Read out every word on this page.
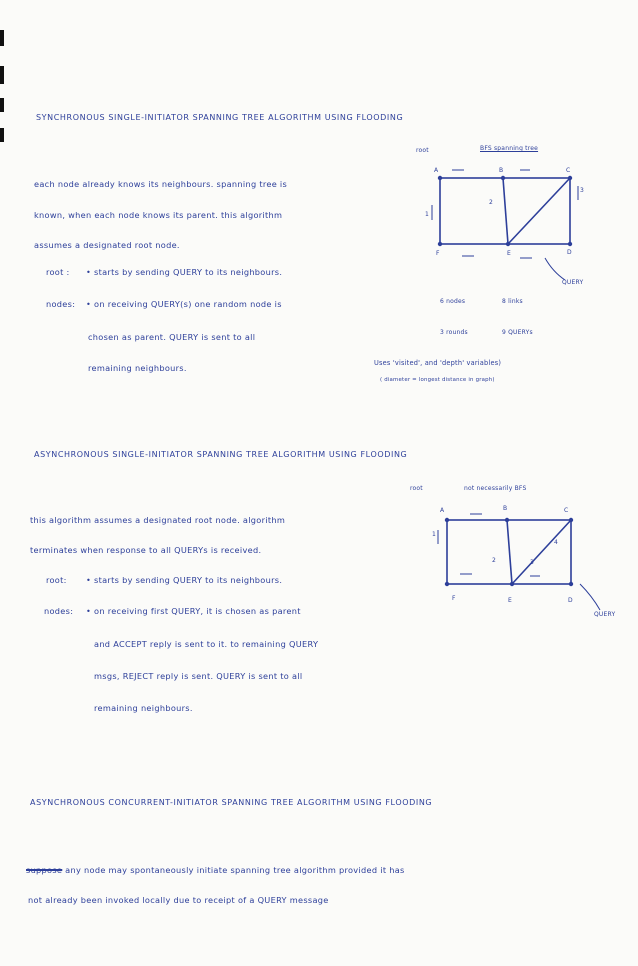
SYNCHRONOUS SINGLE-INITIATOR SPANNING TREE ALGORITHM USING FLOODING
each node already knows its neighbours. spanning tree is
known, when each node knows its parent. this algorithm
assumes a designated root node.
root : • starts by sending QUERY to its neighbours.
nodes: • on receiving QUERY(s) one random node is
chosen as parent. QUERY is sent to all
remaining neighbours.
root	BFS spanning tree
A	B	C
D
E
F
1
2
3
QUERY
6 nodes	8 links
3 rounds	9 QUERYs
Uses 'visited', and 'depth' variables)
( diameter = longest distance in graph)
ASYNCHRONOUS SINGLE-INITIATOR SPANNING TREE ALGORITHM USING FLOODING
this algorithm assumes a designated root node. algorithm
terminates when response to all QUERYs is received.
root: • starts by sending QUERY to its neighbours.
nodes: • on receiving first QUERY, it is chosen as parent
and ACCEPT reply is sent to it. to remaining QUERY
msgs, REJECT reply is sent. QUERY is sent to all
remaining neighbours.
root	not necessarily BFS
A	B	C
D
E
F
1
2	3
4
QUERY
ASYNCHRONOUS CONCURRENT-INITIATOR SPANNING TREE ALGORITHM USING FLOODING
suppose any node may spontaneously initiate spanning tree algorithm provided it has
not already been invoked locally due to receipt of a QUERY message
